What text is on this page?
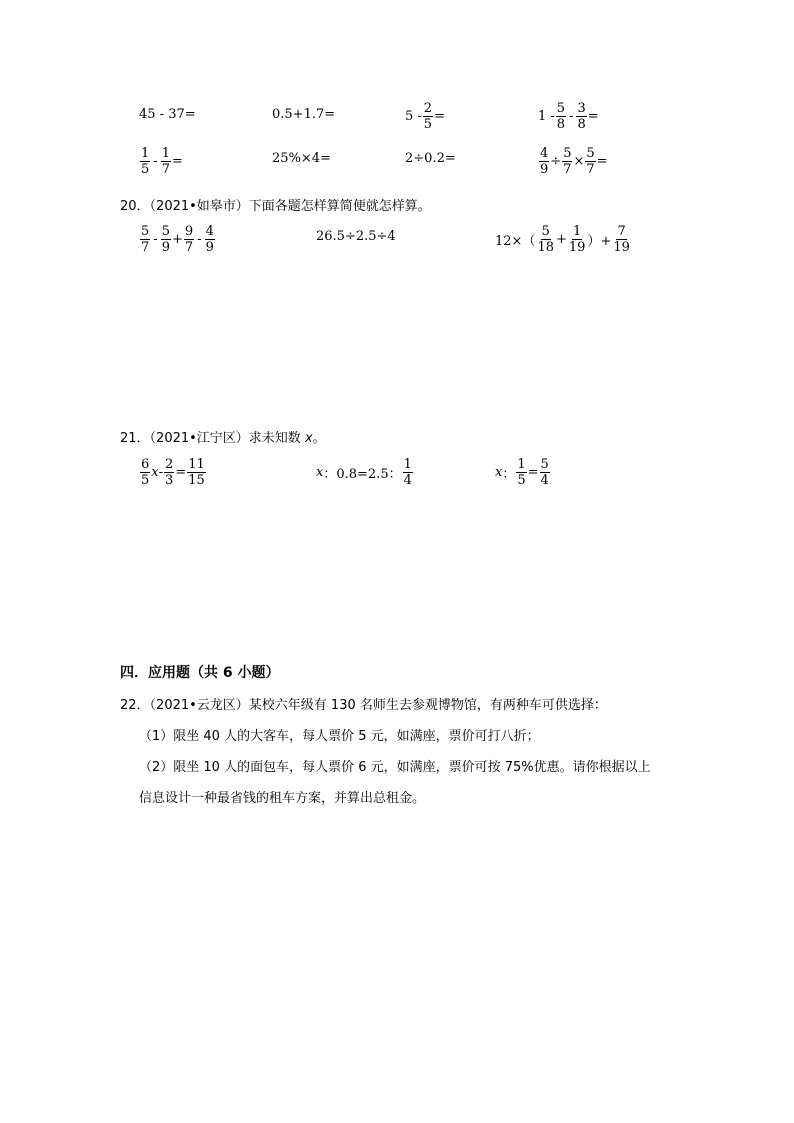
45 - 37=	0.5+1.7=	$5 - \frac{2}{5}$ =	$1 - \frac{5}{8} - \frac{3}{8}$ =
$\frac{1}{5} - \frac{1}{7}$ =	25%×4=	2÷0.2=	$\frac{4}{9} \div \frac{5}{7} \times \frac{5}{7}$ =
20．（2021•如皋市）下面各题怎样算简便就怎样算。
$\frac{5}{7} - \frac{5}{9} + \frac{9}{7} - \frac{4}{9}$	26.5÷2.5÷4	$12\times( \frac{5}{18} + \frac{1}{19}$ ）+ $\frac{7}{19}$
21．（2021•江宁区）求未知数 x。
$\frac{6}{5}$ $x - \frac{2}{3} = \frac{11}{15}$	x ：0.8=2.5： $\frac{1}{4}$	x ： $\frac{1}{5} = \frac{5}{4}$
四．应用题（共 6 小题）
22．（2021•云龙区）某校六年级有 130 名师生去参观博物馆，有两种车可供选择：
（1）限坐 40 人的大客车，每人票价 5 元，如满座，票价可打八折；
（2）限坐 10 人的面包车，每人票价 6 元，如满座，票价可按 75%优惠。请你根据以上
信息设计一种最省钱的租车方案，并算出总租金。
